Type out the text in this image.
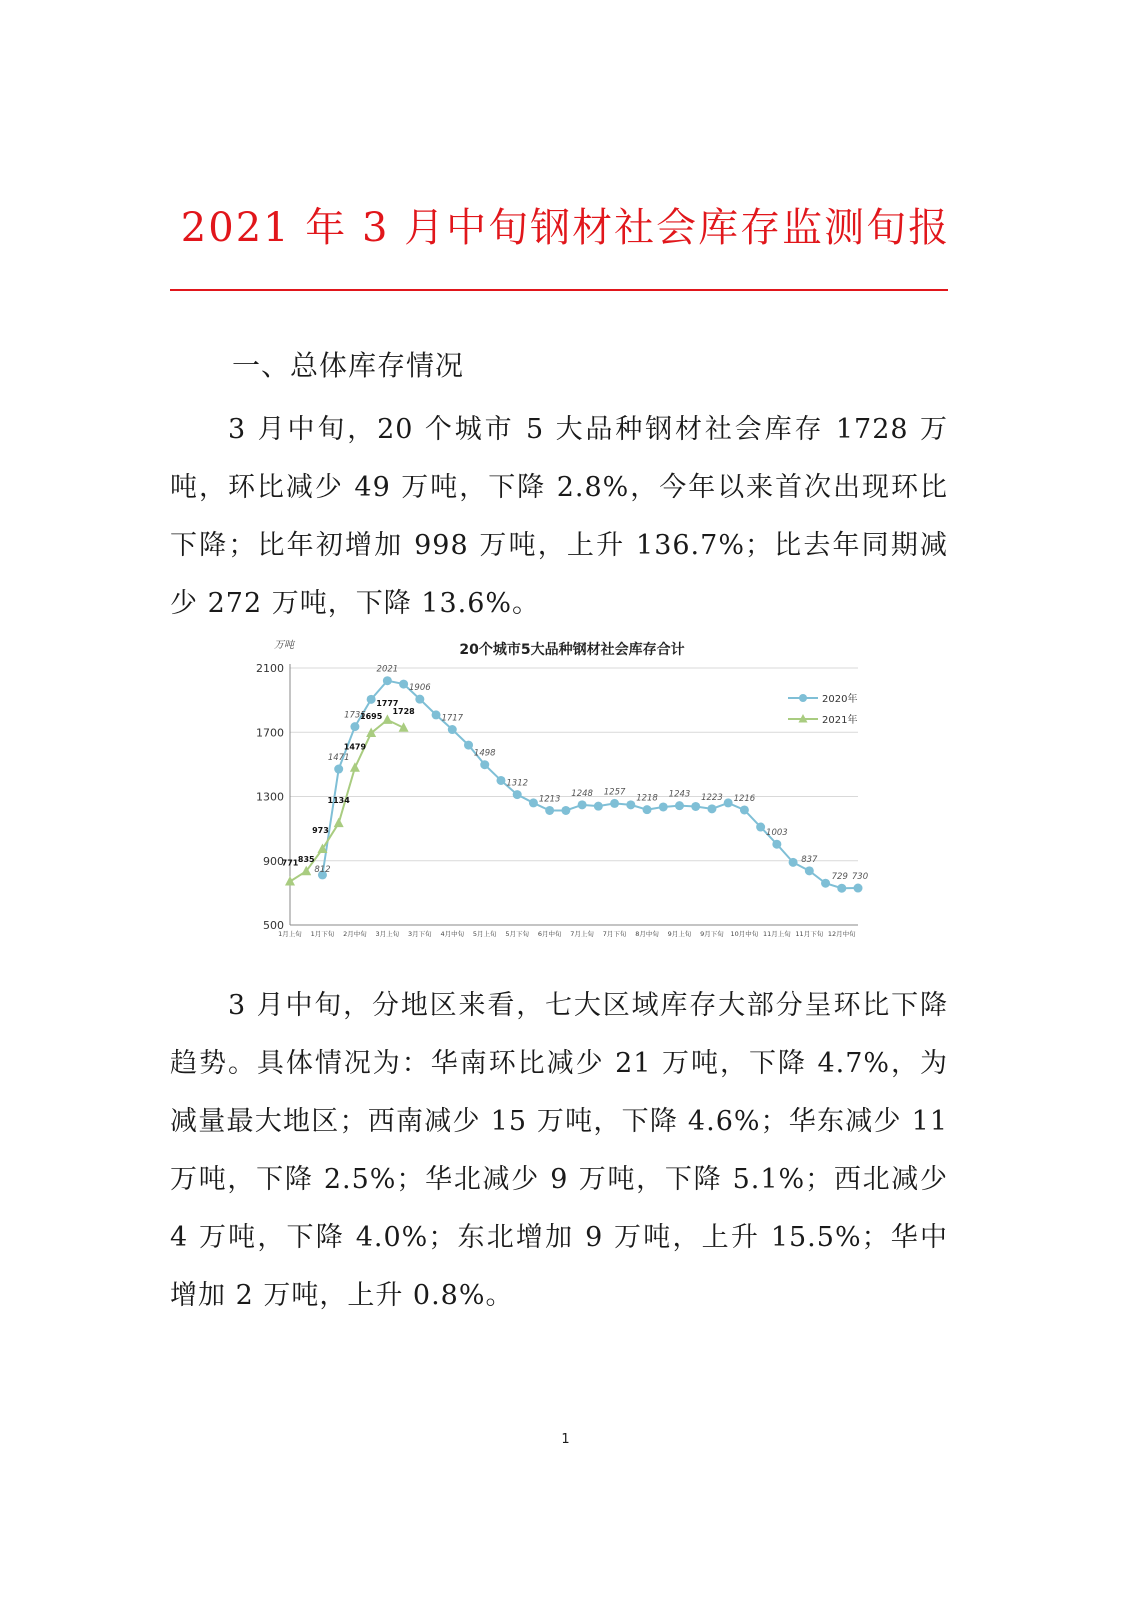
2021 年 3 月中旬钢材社会库存监测旬报
一、总体库存情况

3 月中旬，20 个城市 5 大品种钢材社会库存 1728 万吨，环比减少 49 万吨，下降 2.8%，今年以来首次出现环比下降；比年初增加 998 万吨，上升 136.7%；比去年同期减少 272 万吨，下降 13.6%。

20个城市5大品种钢材社会库存合计
万吨
500
900
1300
1700
2100
1月上旬 1月下旬 2月中旬 3月上旬 3月下旬 4月中旬 5月上旬 5月下旬 6月中旬 7月上旬 7月下旬 8月中旬 9月上旬 9月下旬 10月中旬 11月上旬 11月下旬 12月中旬
812
1471
1735
2021
1906
1717
1498
1312
1213
1248 1257
1218 1243 1223 1216
1003
837
729 730
771 835
973
1134
1479
1695
1777
1728
2020年
2021年

3 月中旬，分地区来看，七大区域库存大部分呈环比下降趋势。具体情况为：华南环比减少 21 万吨，下降 4.7%，为减量最大地区；西南减少 15 万吨，下降 4.6%；华东减少 11 万吨，下降 2.5%；华北减少 9 万吨，下降 5.1%；西北减少 4 万吨，下降 4.0%；东北增加 9 万吨，上升 15.5%；华中增加 2 万吨，上升 0.8%。

1
